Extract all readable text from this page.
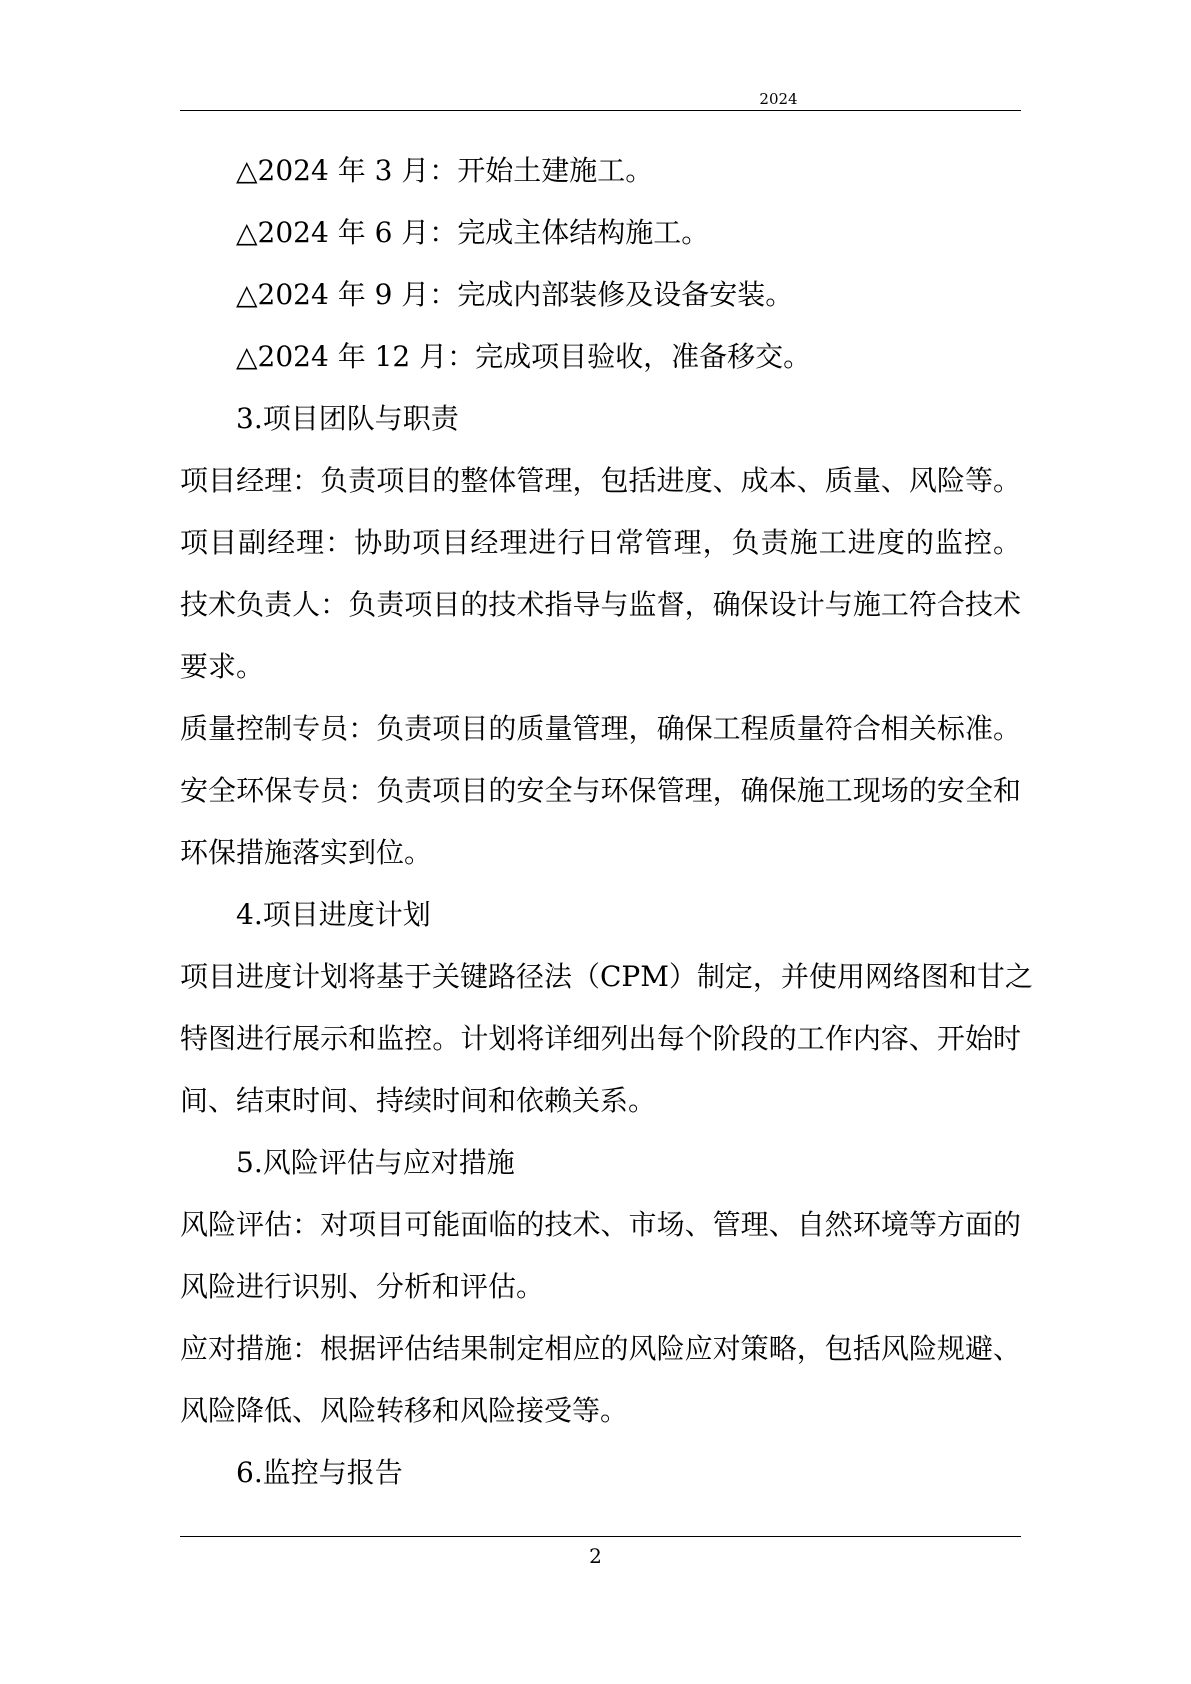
2024
△2024 年 3 月：开始土建施工。
△2024 年 6 月：完成主体结构施工。
△2024 年 9 月：完成内部装修及设备安装。
△2024 年 12 月：完成项目验收，准备移交。
3.项目团队与职责
项目经理：负责项目的整体管理，包括进度、成本、质量、风险等。
项目副经理：协助项目经理进行日常管理，负责施工进度的监控。
技术负责人：负责项目的技术指导与监督，确保设计与施工符合技术
要求。
质量控制专员：负责项目的质量管理，确保工程质量符合相关标准。
安全环保专员：负责项目的安全与环保管理，确保施工现场的安全和
环保措施落实到位。
4.项目进度计划
项目进度计划将基于关键路径法（CPM）制定，并使用网络图和甘之
特图进行展示和监控。计划将详细列出每个阶段的工作内容、开始时
间、结束时间、持续时间和依赖关系。
5.风险评估与应对措施
风险评估：对项目可能面临的技术、市场、管理、自然环境等方面的
风险进行识别、分析和评估。
应对措施：根据评估结果制定相应的风险应对策略，包括风险规避、
风险降低、风险转移和风险接受等。
6.监控与报告
2
